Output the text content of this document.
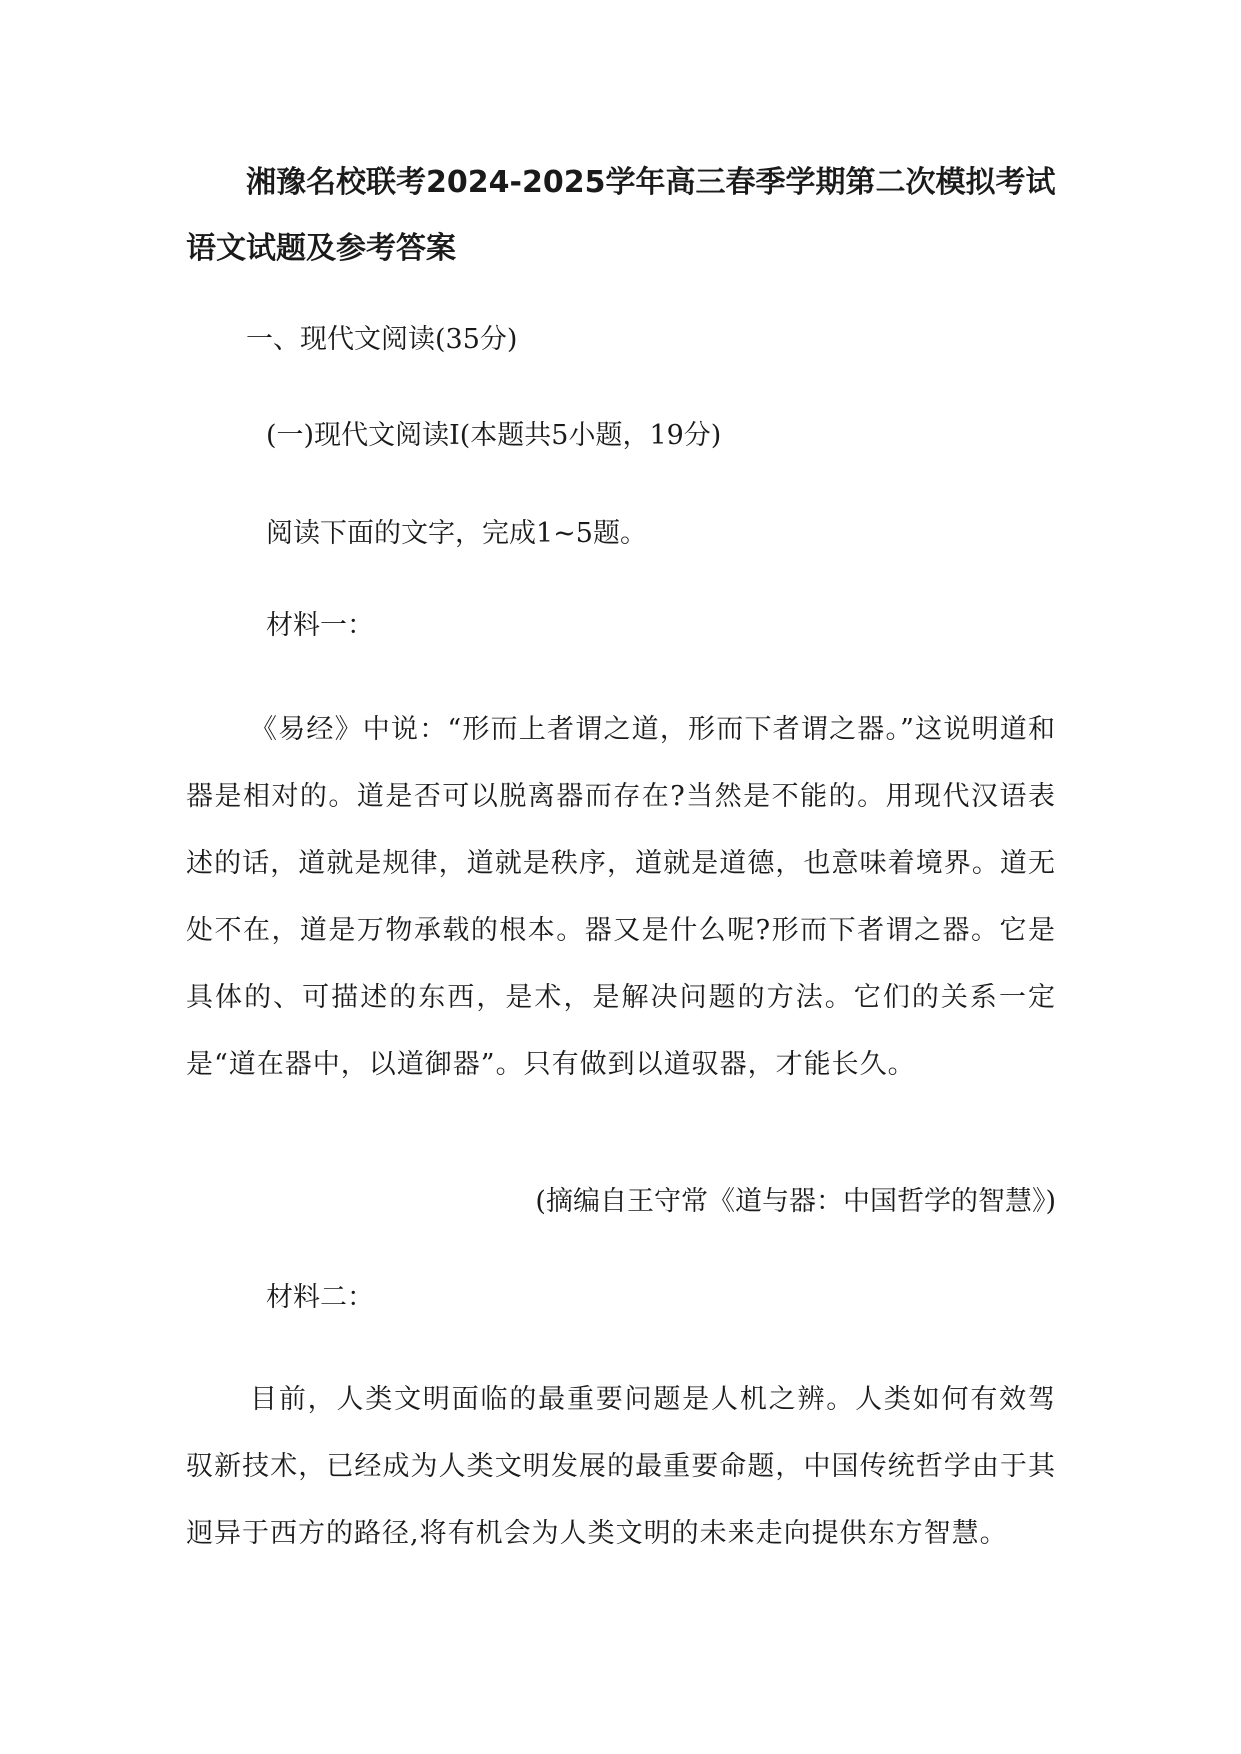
湘豫名校联考2024-2025学年高三春季学期第二次模拟考试语文试题及参考答案
一、现代文阅读(35分)
(一)现代文阅读Ⅰ(本题共5小题，19分)
阅读下面的文字，完成1~5题。
材料一：
《易经》中说：“形而上者谓之道，形而下者谓之器。”这说明道和器是相对的。道是否可以脱离器而存在?当然是不能的。用现代汉语表述的话，道就是规律，道就是秩序，道就是道德，也意味着境界。道无处不在，道是万物承载的根本。器又是什么呢?形而下者谓之器。它是具体的、可描述的东西，是术，是解决问题的方法。它们的关系一定是“道在器中，以道御器”。只有做到以道驭器，才能长久。
(摘编自王守常《道与器：中国哲学的智慧》)
材料二：
目前，人类文明面临的最重要问题是人机之辨。人类如何有效驾驭新技术，已经成为人类文明发展的最重要命题，中国传统哲学由于其迥异于西方的路径,将有机会为人类文明的未来走向提供东方智慧。
